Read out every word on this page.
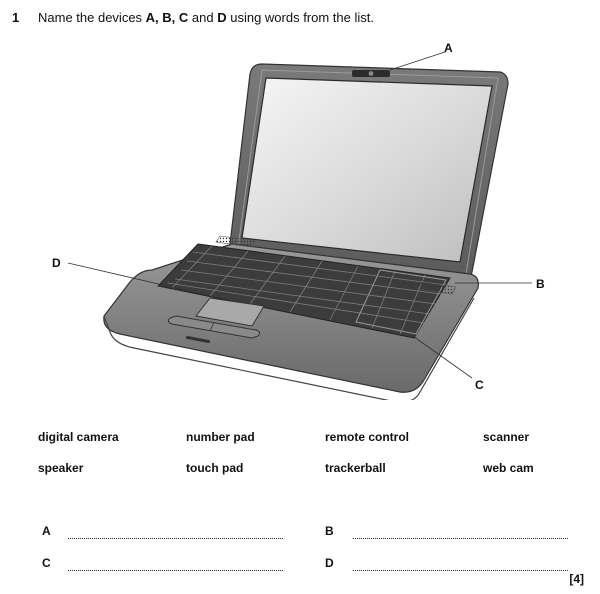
1 Name the devices A, B, C and D using words from the list.
A
B
C
D
digital camera	number pad	remote control	scanner
speaker	touch pad	trackerball	web cam
A	B
C	D
[4]
